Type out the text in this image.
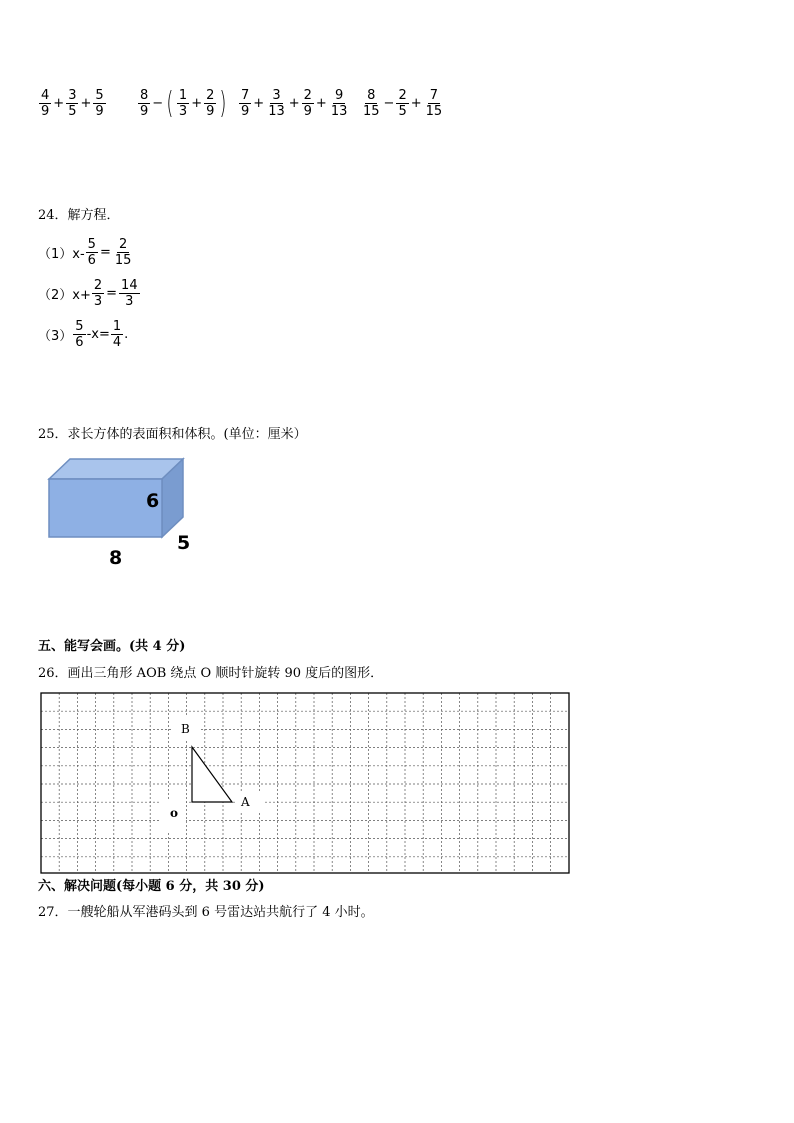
$\frac{4}{9} + \frac{3}{5} + \frac{5}{9} \frac{8}{9}$ − ( $\frac{1}{3} + \frac{2}{9}$ ) $\frac{7}{9} + \frac{3}{13} + \frac{2}{9} + \frac{9}{13} \frac{8}{15} - \frac{2}{5} + \frac{7}{15}$
24．解方程．
$(1)x- \frac{5}{6} = \frac{2}{15}$
$(2)x+ \frac{2}{3} = \frac{14}{3}$
$(3) \frac{5}{6} -x= \frac{1}{4}$ .
25．求长方体的表面积和体积。(单位：厘米）
6
5
8
五、能写会画。(共 4 分)
26．画出三角形 AOB 绕点 O 顺时针旋转 90 度后的图形．
B
A
o
六、解决问题(每小题 6 分，共 30 分)
27．一艘轮船从军港码头到 6 号雷达站共航行了 4 小时。
